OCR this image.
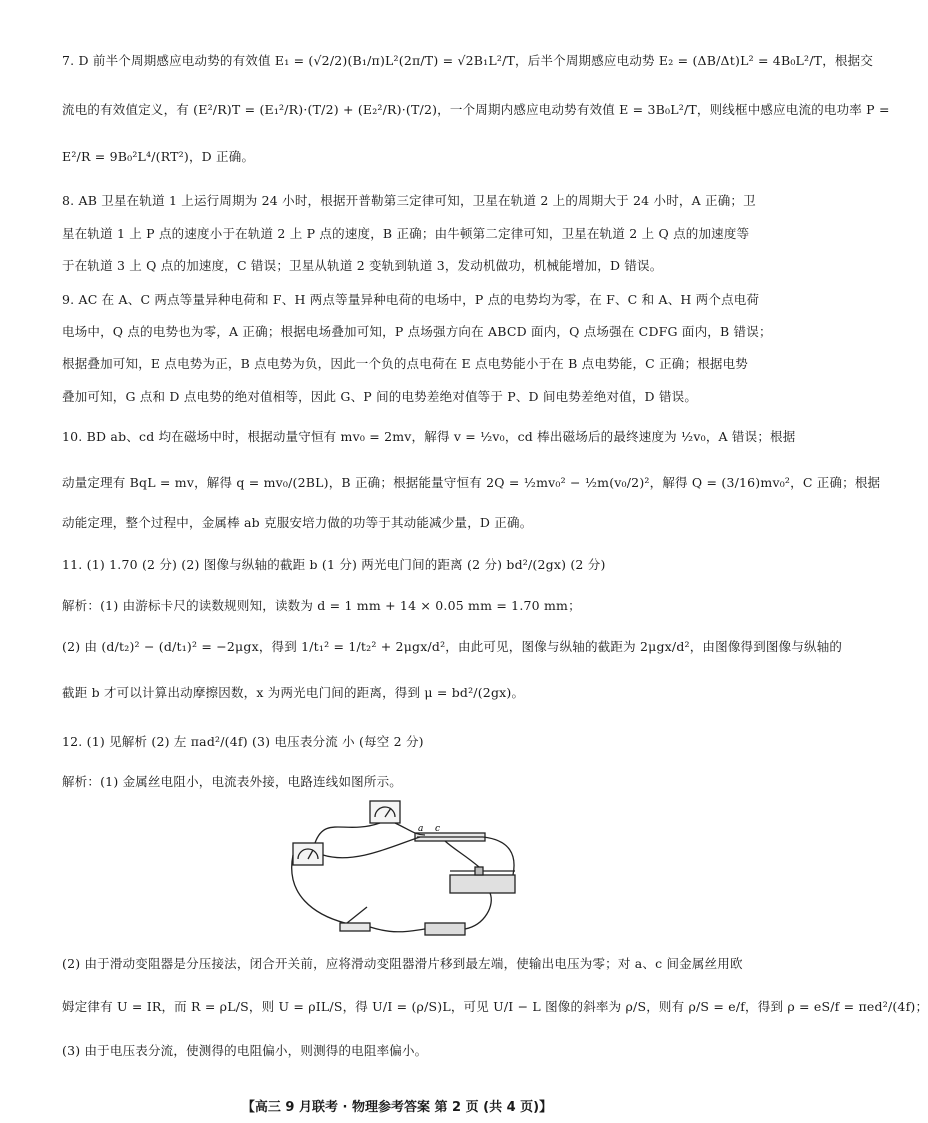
7. D 前半个周期感应电动势的有效值 E₁ = (√2/2)(B₁/π)L²(2π/T) = √2B₁L²/T，后半个周期感应电动势 E₂ = (ΔB/Δt)L² = 4B₀L²/T，根据交
流电的有效值定义，有 (E²/R)T = (E₁²/R)·(T/2) + (E₂²/R)·(T/2)，一个周期内感应电动势有效值 E = 3B₀L²/T，则线框中感应电流的电功率 P =
E²/R = 9B₀²L⁴/(RT²)，D 正确。
8. AB 卫星在轨道 1 上运行周期为 24 小时，根据开普勒第三定律可知，卫星在轨道 2 上的周期大于 24 小时，A 正确；卫
星在轨道 1 上 P 点的速度小于在轨道 2 上 P 点的速度，B 正确；由牛顿第二定律可知，卫星在轨道 2 上 Q 点的加速度等
于在轨道 3 上 Q 点的加速度，C 错误；卫星从轨道 2 变轨到轨道 3，发动机做功，机械能增加，D 错误。
9. AC 在 A、C 两点等量异种电荷和 F、H 两点等量异种电荷的电场中，P 点的电势均为零，在 F、C 和 A、H 两个点电荷
电场中，Q 点的电势也为零，A 正确；根据电场叠加可知，P 点场强方向在 ABCD 面内，Q 点场强在 CDFG 面内，B 错误；
根据叠加可知，E 点电势为正，B 点电势为负，因此一个负的点电荷在 E 点电势能小于在 B 点电势能，C 正确；根据电势
叠加可知，G 点和 D 点电势的绝对值相等，因此 G、P 间的电势差绝对值等于 P、D 间电势差绝对值，D 错误。
10. BD ab、cd 均在磁场中时，根据动量守恒有 mv₀ = 2mv，解得 v = ½v₀，cd 棒出磁场后的最终速度为 ½v₀，A 错误；根据
动量定理有 BqL = mv，解得 q = mv₀/(2BL)，B 正确；根据能量守恒有 2Q = ½mv₀² − ½m(v₀/2)²，解得 Q = (3/16)mv₀²，C 正确；根据
动能定理，整个过程中，金属棒 ab 克服安培力做的功等于其动能减少量，D 正确。
11. (1) 1.70 (2 分) (2) 图像与纵轴的截距 b (1 分) 两光电门间的距离 (2 分) bd²/(2gx) (2 分)
解析：(1) 由游标卡尺的读数规则知，读数为 d = 1 mm + 14 × 0.05 mm = 1.70 mm；
(2) 由 (d/t₂)² − (d/t₁)² = −2μgx，得到 1/t₁² = 1/t₂² + 2μgx/d²，由此可见，图像与纵轴的截距为 2μgx/d²，由图像得到图像与纵轴的
截距 b 才可以计算出动摩擦因数，x 为两光电门间的距离，得到 μ = bd²/(2gx)。
12. (1) 见解析 (2) 左 πad²/(4f) (3) 电压表分流 小 (每空 2 分)
解析：(1) 金属丝电阻小，电流表外接，电路连线如图所示。
a c
(2) 由于滑动变阻器是分压接法，闭合开关前，应将滑动变阻器滑片移到最左端，使输出电压为零；对 a、c 间金属丝用欧
姆定律有 U = IR，而 R = ρL/S，则 U = ρIL/S，得 U/I = (ρ/S)L，可见 U/I − L 图像的斜率为 ρ/S，则有 ρ/S = e/f，得到 ρ = eS/f = πed²/(4f)；
(3) 由于电压表分流，使测得的电阻偏小，则测得的电阻率偏小。
【高三 9 月联考 · 物理参考答案 第 2 页 (共 4 页)】
